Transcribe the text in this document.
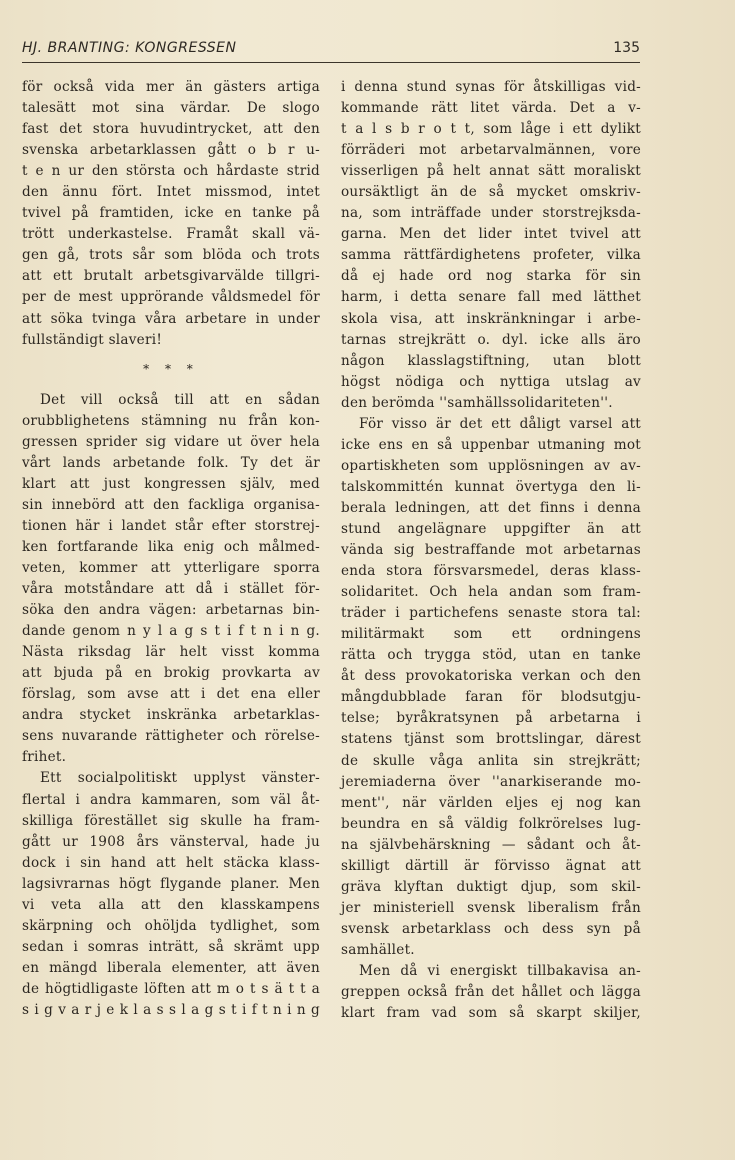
HJ. BRANTING: KONGRESSEN	135
för också vida mer än gästers artiga
talesätt mot sina värdar. De slogo
fast det stora huvudintrycket, att den
svenska arbetarklassen gått o b r u-
t e n ur den största och hårdaste strid
den ännu fört. Intet missmod, intet
tvivel på framtiden, icke en tanke på
trött underkastelse. Framåt skall vä-
gen gå, trots sår som blöda och trots
att ett brutalt arbetsgivarvälde tillgri-
per de mest upprörande våldsmedel för
att söka tvinga våra arbetare in under
fullständigt slaveri!
* * *
Det vill också till att en sådan
orubblighetens stämning nu från kon-
gressen sprider sig vidare ut över hela
vårt lands arbetande folk. Ty det är
klart att just kongressen själv, med
sin innebörd att den fackliga organisa-
tionen här i landet står efter storstrej-
ken fortfarande lika enig och målmed-
veten, kommer att ytterligare sporra
våra motståndare att då i stället för-
söka den andra vägen: arbetarnas bin-
dande genom n y l a g s t i f t n i n g.
Nästa riksdag lär helt visst komma
att bjuda på en brokig provkarta av
förslag, som avse att i det ena eller
andra stycket inskränka arbetarklas-
sens nuvarande rättigheter och rörelse-
frihet.
Ett socialpolitiskt upplyst vänster-
flertal i andra kammaren, som väl åt-
skilliga förestället sig skulle ha fram-
gått ur 1908 års vänsterval, hade ju
dock i sin hand att helt stäcka klass-
lagsivrarnas högt flygande planer. Men
vi veta alla att den klasskampens
skärpning och ohöljda tydlighet, som
sedan i somras inträtt, så skrämt upp
en mängd liberala elementer, att även
de högtidligaste löften att m o t s ä t t a
s i g v a r j e k l a s s l a g s t i f t n i n g
i denna stund synas för åtskilligas vid-
kommande rätt litet värda. Det a v-
t a l s b r o t t, som låge i ett dylikt
förräderi mot arbetarvalmännen, vore
visserligen på helt annat sätt moraliskt
oursäktligt än de så mycket omskriv-
na, som inträffade under storstrejksda-
garna. Men det lider intet tvivel att
samma rättfärdighetens profeter, vilka
då ej hade ord nog starka för sin
harm, i detta senare fall med lätthet
skola visa, att inskränkningar i arbe-
tarnas strejkrätt o. dyl. icke alls äro
någon klasslagstiftning, utan blott
högst nödiga och nyttiga utslag av
den berömda ''samhällssolidariteten''.
För visso är det ett dåligt varsel att
icke ens en så uppenbar utmaning mot
opartiskheten som upplösningen av av-
talskommittén kunnat övertyga den li-
berala ledningen, att det finns i denna
stund angelägnare uppgifter än att
vända sig bestraffande mot arbetarnas
enda stora försvarsmedel, deras klass-
solidaritet. Och hela andan som fram-
träder i partichefens senaste stora tal:
militärmakt som ett ordningens
rätta och trygga stöd, utan en tanke
åt dess provokatoriska verkan och den
mångdubblade faran för blodsutgju-
telse; byråkratsynen på arbetarna i
statens tjänst som brottslingar, därest
de skulle våga anlita sin strejkrätt;
jeremiaderna över ''anarkiserande mo-
ment'', när världen eljes ej nog kan
beundra en så väldig folkrörelses lug-
na självbehärskning — sådant och åt-
skilligt därtill är förvisso ägnat att
gräva klyftan duktigt djup, som skil-
jer ministeriell svensk liberalism från
svensk arbetarklass och dess syn på
samhället.
Men då vi energiskt tillbakavisa an-
greppen också från det hållet och lägga
klart fram vad som så skarpt skiljer,
